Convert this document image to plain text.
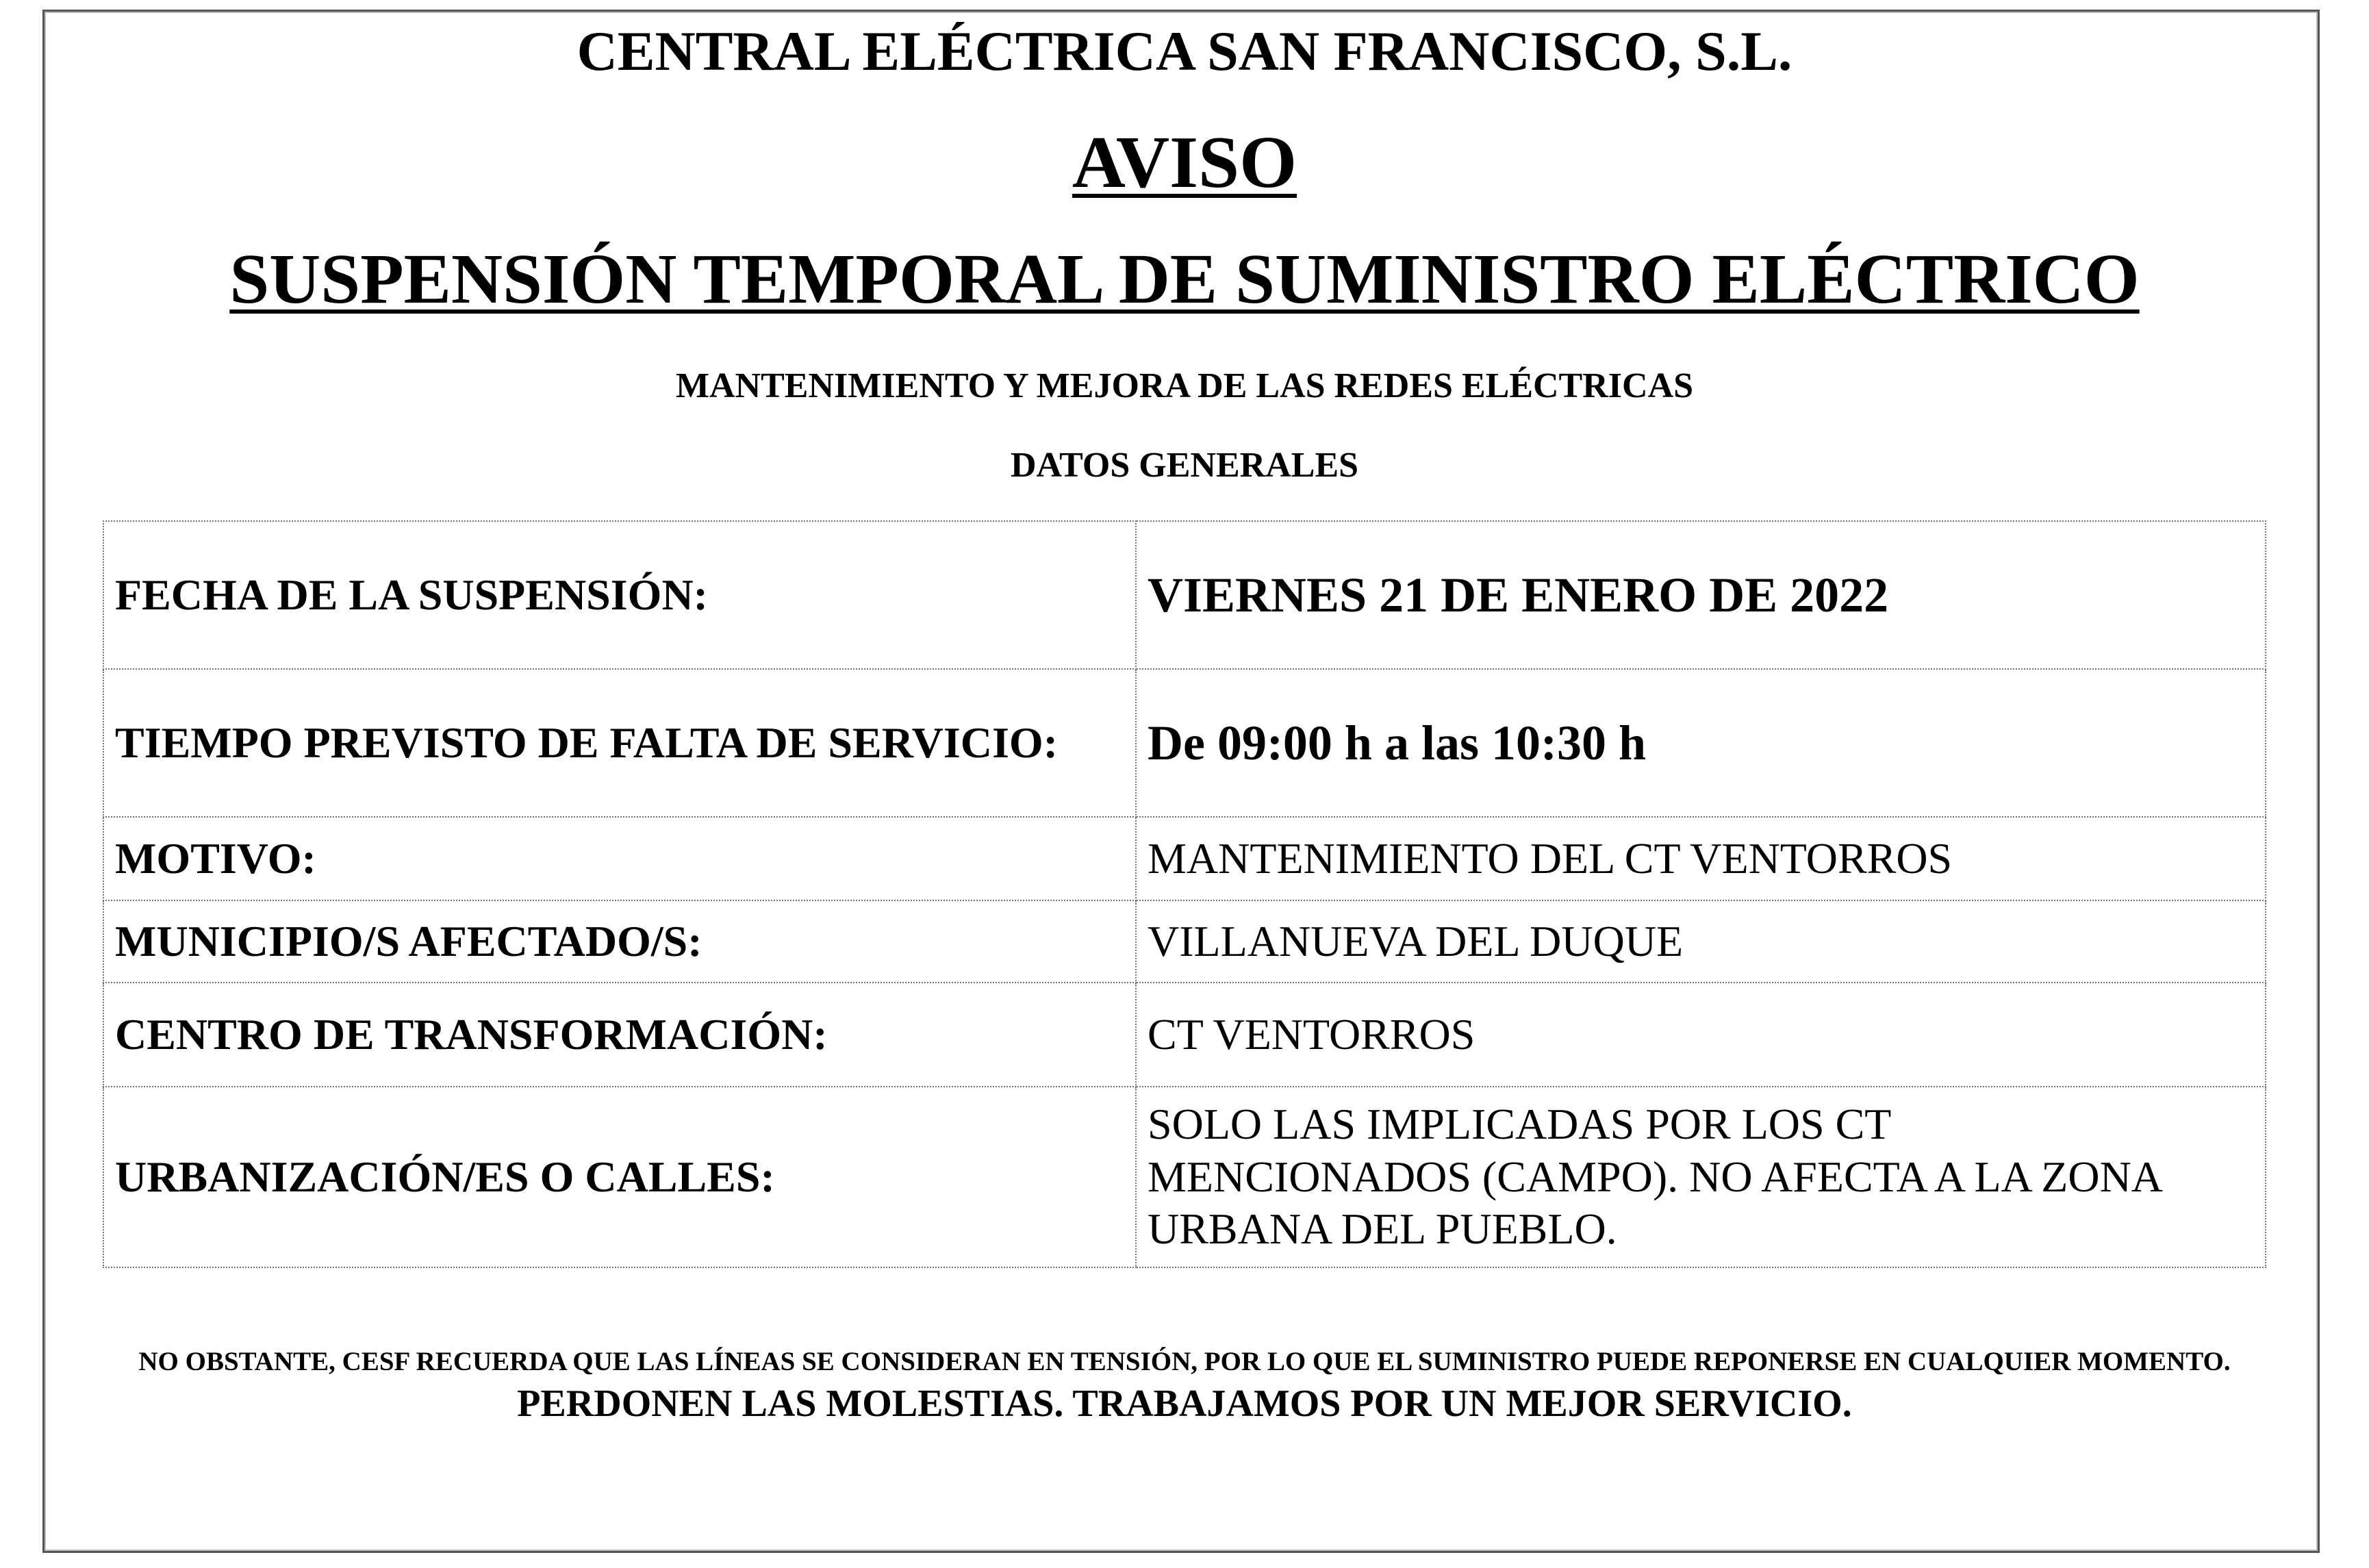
CENTRAL ELÉCTRICA SAN FRANCISCO, S.L.
AVISO
SUSPENSIÓN TEMPORAL DE SUMINISTRO ELÉCTRICO
MANTENIMIENTO Y MEJORA DE LAS REDES ELÉCTRICAS
DATOS GENERALES
FECHA DE LA SUSPENSIÓN:	VIERNES 21 DE ENERO DE 2022
TIEMPO PREVISTO DE FALTA DE SERVICIO:	De 09:00 h a las 10:30 h
MOTIVO:	MANTENIMIENTO DEL CT VENTORROS
MUNICIPIO/S AFECTADO/S:	VILLANUEVA DEL DUQUE
CENTRO DE TRANSFORMACIÓN:	CT VENTORROS
URBANIZACIÓN/ES O CALLES:	SOLO LAS IMPLICADAS POR LOS CT
MENCIONADOS (CAMPO). NO AFECTA A LA ZONA
URBANA DEL PUEBLO.
NO OBSTANTE, CESF RECUERDA QUE LAS LÍNEAS SE CONSIDERAN EN TENSIÓN, POR LO QUE EL SUMINISTRO PUEDE REPONERSE EN CUALQUIER MOMENTO.
PERDONEN LAS MOLESTIAS. TRABAJAMOS POR UN MEJOR SERVICIO.
